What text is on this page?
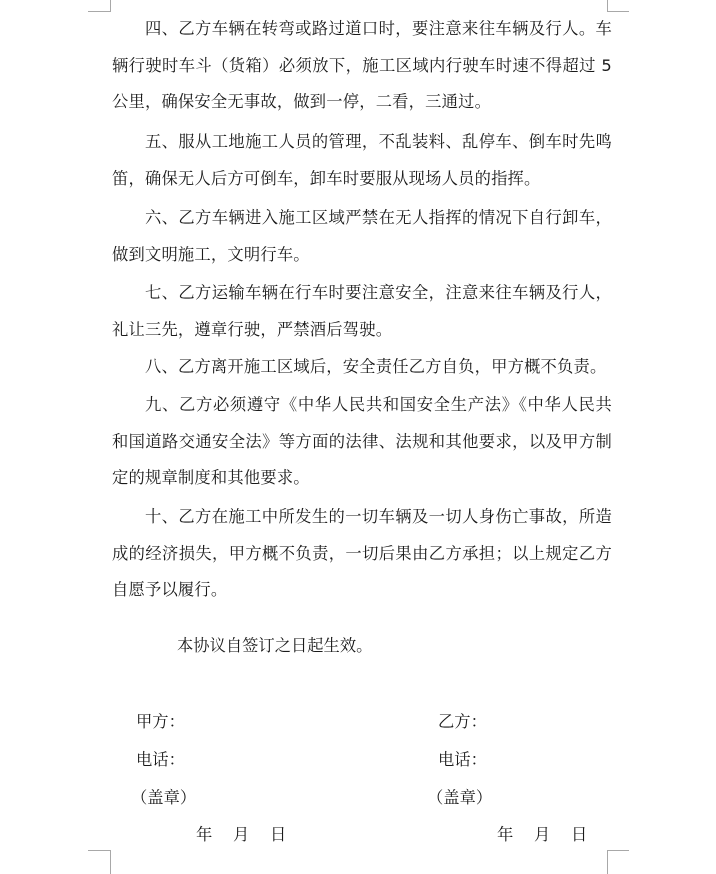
四、乙方车辆在转弯或路过道口时，要注意来往车辆及行人。车辆行驶时车斗（货箱）必须放下，施工区域内行驶车时速不得超过 5 公里，确保安全无事故，做到一停，二看，三通过。

五、服从工地施工人员的管理，不乱装料、乱停车、倒车时先鸣笛，确保无人后方可倒车，卸车时要服从现场人员的指挥。

六、乙方车辆进入施工区域严禁在无人指挥的情况下自行卸车，做到文明施工，文明行车。

七、乙方运输车辆在行车时要注意安全，注意来往车辆及行人，礼让三先，遵章行驶，严禁酒后驾驶。

八、乙方离开施工区域后，安全责任乙方自负，甲方概不负责。

九、乙方必须遵守《中华人民共和国安全生产法》《中华人民共和国道路交通安全法》等方面的法律、法规和其他要求，以及甲方制定的规章制度和其他要求。

十、乙方在施工中所发生的一切车辆及一切人身伤亡事故，所造成的经济损失，甲方概不负责，一切后果由乙方承担；以上规定乙方自愿予以履行。

本协议自签订之日起生效。

甲方：
电话：
（盖章）
年    月    日
乙方：
电话：
（盖章）
年    月    日
